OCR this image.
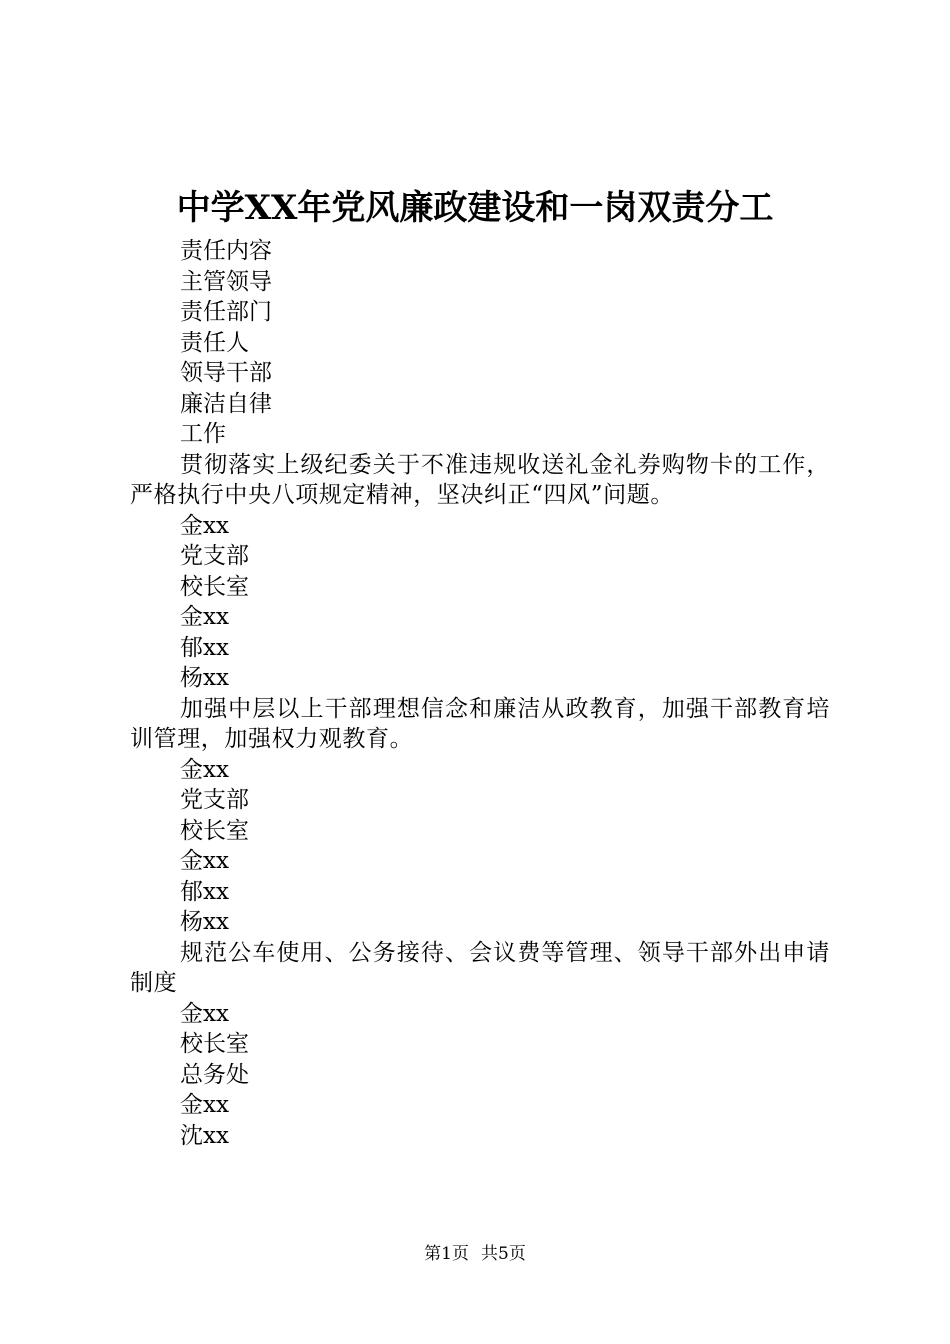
中学XX年党风廉政建设和一岗双责分工
责任内容
主管领导
责任部门
责任人
领导干部
廉洁自律
工作
贯彻落实上级纪委关于不准违规收送礼金礼券购物卡的工作，严格执行中央八项规定精神，坚决纠正“四风”问题。
金xx
党支部
校长室
金xx
郁xx
杨xx
加强中层以上干部理想信念和廉洁从政教育，加强干部教育培训管理，加强权力观教育。
金xx
党支部
校长室
金xx
郁xx
杨xx
规范公车使用、公务接待、会议费等管理、领导干部外出申请制度
金xx
校长室
总务处
金xx
沈xx
第1页 共5页
